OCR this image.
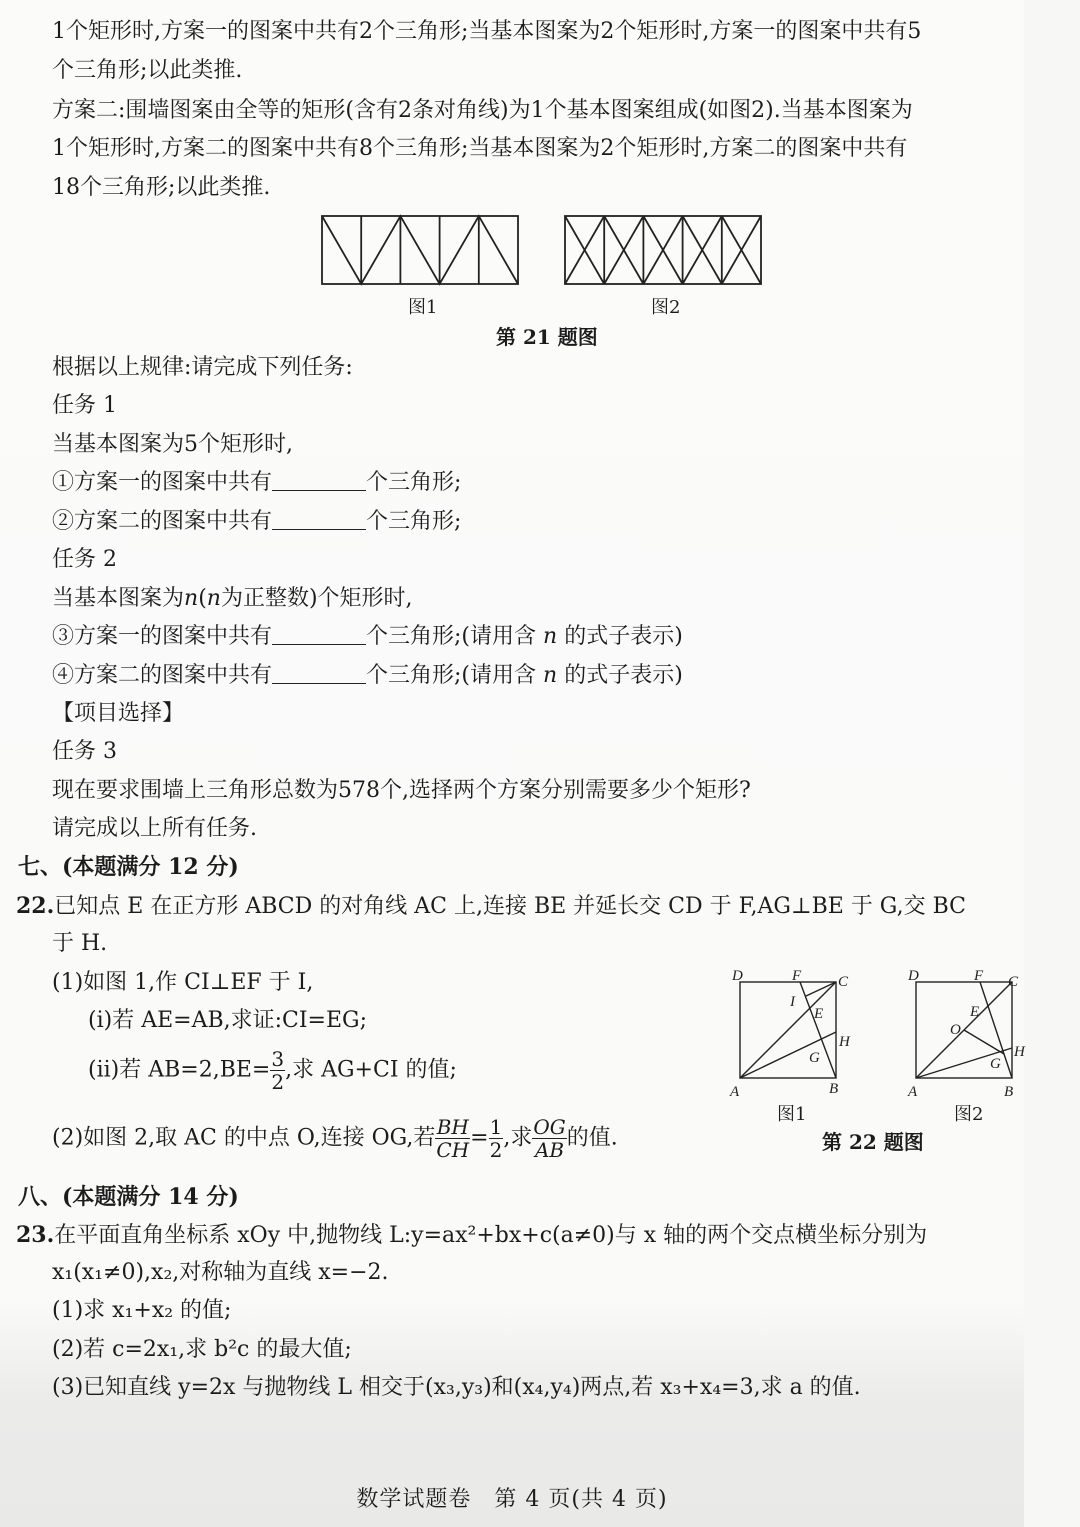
1个矩形时,方案一的图案中共有2个三角形;当基本图案为2个矩形时,方案一的图案中共有5
个三角形;以此类推.
方案二:围墙图案由全等的矩形(含有2条对角线)为1个基本图案组成(如图2).当基本图案为
1个矩形时,方案二的图案中共有8个三角形;当基本图案为2个矩形时,方案二的图案中共有
18个三角形;以此类推.
图1	图2
第 21 题图
根据以上规律:请完成下列任务:
任务 1
当基本图案为5个矩形时,
①方案一的图案中共有	个三角形;
②方案二的图案中共有	个三角形;
任务 2
当基本图案为n(n为正整数)个矩形时,
③方案一的图案中共有	个三角形;(请用含 n 的式子表示)
④方案二的图案中共有	个三角形;(请用含 n 的式子表示)
【项目选择】
任务 3
现在要求围墙上三角形总数为578个,选择两个方案分别需要多少个矩形?
请完成以上所有任务.
七、(本题满分 12 分)
22.已知点 E 在正方形 ABCD 的对角线 AC 上,连接 BE 并延长交 CD 于 F,AG⊥BE 于 G,交 BC
于 H.
(1)如图 1,作 CI⊥EF 于 I,
(i)若 AE=AB,求证:CI=EG;
(ii)若 $AB=2,BE= \frac{3}{2}$ ,求 AG+CI 的值;
(2)如图 2,取 AC 的中点 O,连接 OG,若 $\frac{BH}{CH} = \frac{1}{2}$ ,求 $\frac{OG}{AB}$ 的值.
D	F C
I
E
H
G
A	B
D	F C
E
O
H
G
A	B
图1	图2
第 22 题图
八、(本题满分 14 分)
23.在平面直角坐标系 xOy 中,抛物线 L:y=ax²+bx+c(a≠0)与 x 轴的两个交点横坐标分别为
x₁(x₁≠0),x₂,对称轴为直线 x=−2.
(1)求 x₁+x₂ 的值;
(2)若 c=2x₁,求 b²c 的最大值;
(3)已知直线 y=2x 与抛物线 L 相交于(x₃,y₃)和(x₄,y₄)两点,若 x₃+x₄=3,求 a 的值.
数学试题卷　第 4 页(共 4 页)
